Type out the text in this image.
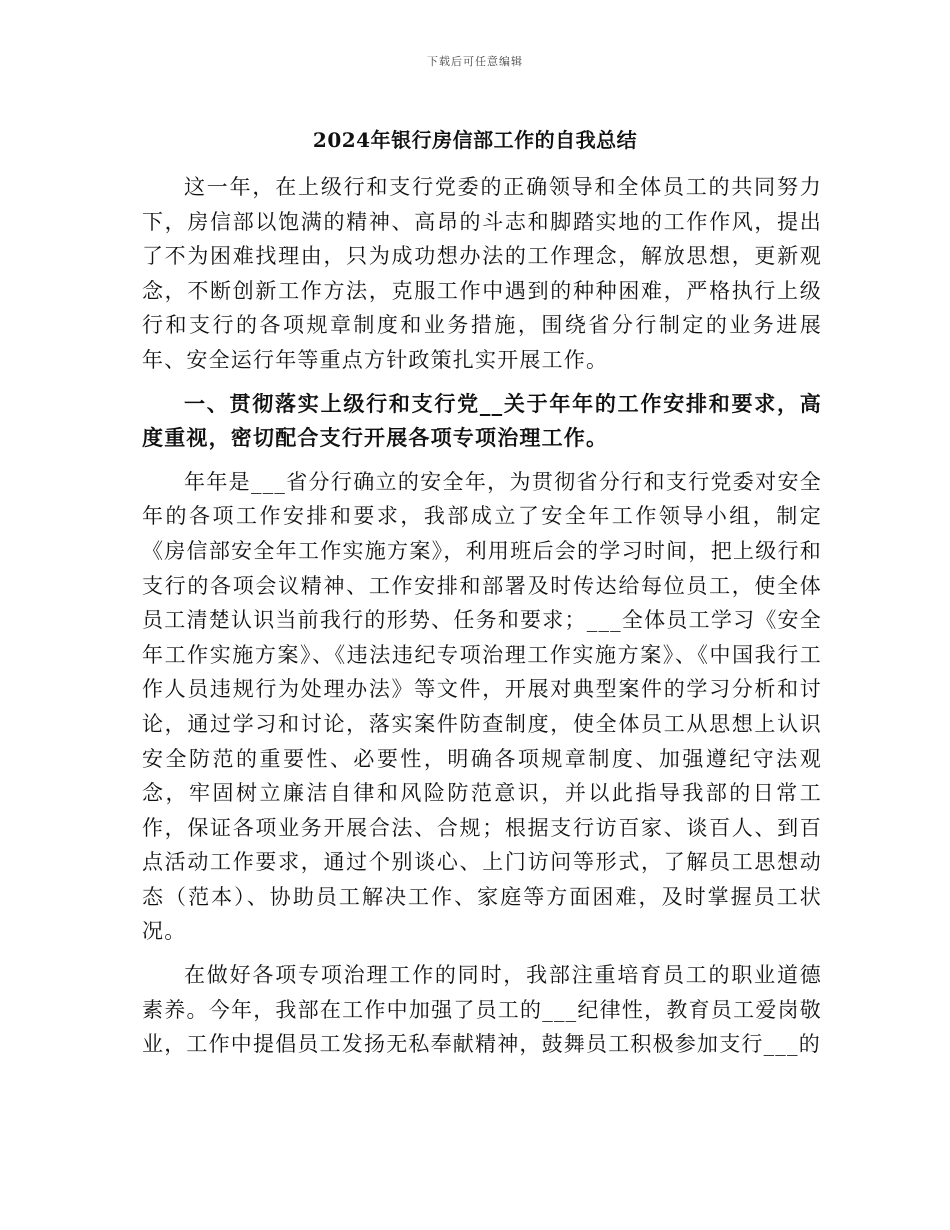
下载后可任意编辑
2024年银行房信部工作的自我总结

这一年，在上级行和支行党委的正确领导和全体员工的共同努力下，房信部以饱满的精神、高昂的斗志和脚踏实地的工作作风，提出了不为困难找理由，只为成功想办法的工作理念，解放思想，更新观念，不断创新工作方法，克服工作中遇到的种种困难，严格执行上级行和支行的各项规章制度和业务措施，围绕省分行制定的业务进展年、安全运行年等重点方针政策扎实开展工作。

一、贯彻落实上级行和支行党__关于年年的工作安排和要求，高度重视，密切配合支行开展各项专项治理工作。

年年是___省分行确立的安全年，为贯彻省分行和支行党委对安全年的各项工作安排和要求，我部成立了安全年工作领导小组，制定《房信部安全年工作实施方案》，利用班后会的学习时间，把上级行和支行的各项会议精神、工作安排和部署及时传达给每位员工，使全体员工清楚认识当前我行的形势、任务和要求；___全体员工学习《安全年工作实施方案》、《违法违纪专项治理工作实施方案》、《中国我行工作人员违规行为处理办法》等文件，开展对典型案件的学习分析和讨论，通过学习和讨论，落实案件防查制度，使全体员工从思想上认识安全防范的重要性、必要性，明确各项规章制度、加强遵纪守法观念，牢固树立廉洁自律和风险防范意识，并以此指导我部的日常工作，保证各项业务开展合法、合规；根据支行访百家、谈百人、到百点活动工作要求，通过个别谈心、上门访问等形式，了解员工思想动态（范本）、协助员工解决工作、家庭等方面困难，及时掌握员工状况。

在做好各项专项治理工作的同时，我部注重培育员工的职业道德素养。今年，我部在工作中加强了员工的___纪律性，教育员工爱岗敬业，工作中提倡员工发扬无私奉献精神，鼓舞员工积极参加支行___的
